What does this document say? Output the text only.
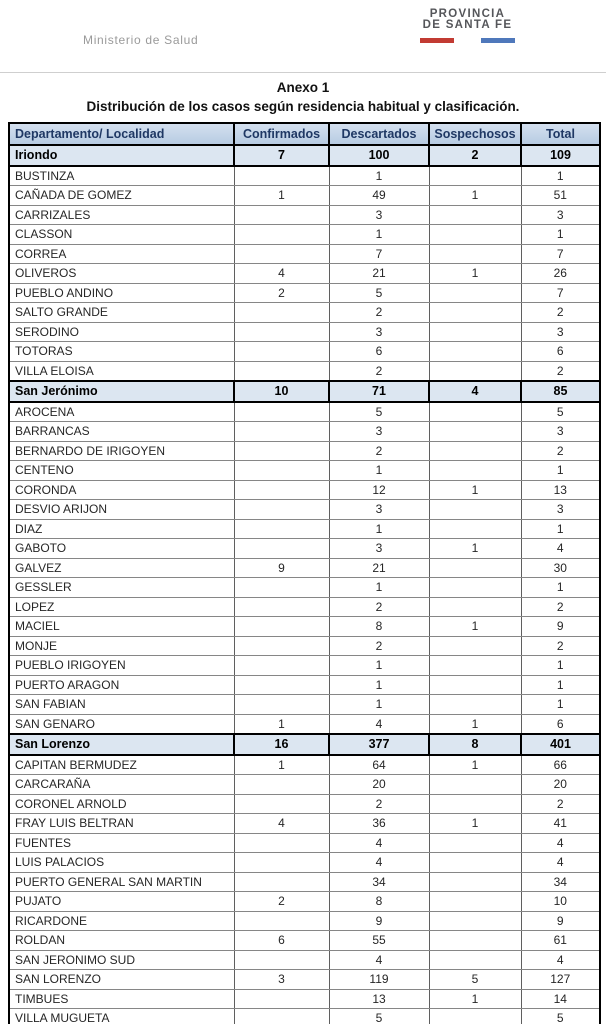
Ministerio de Salud
PROVINCIA
DE SANTA FE
Anexo 1
Distribución de los casos según residencia habitual y clasificación.
Departamento/ Localidad	Confirmados	Descartados	Sospechosos	Total
Iriondo	7	100	2	109
BUSTINZA		1		1
CAÑADA DE GOMEZ	1	49	1	51
CARRIZALES		3		3
CLASSON		1		1
CORREA		7		7
OLIVEROS	4	21	1	26
PUEBLO ANDINO	2	5		7
SALTO GRANDE		2		2
SERODINO		3		3
TOTORAS		6		6
VILLA ELOISA		2		2
San Jerónimo	10	71	4	85
AROCENA		5		5
BARRANCAS		3		3
BERNARDO DE IRIGOYEN		2		2
CENTENO		1		1
CORONDA		12	1	13
DESVIO ARIJON		3		3
DIAZ		1		1
GABOTO		3	1	4
GALVEZ	9	21		30
GESSLER		1		1
LOPEZ		2		2
MACIEL		8	1	9
MONJE		2		2
PUEBLO IRIGOYEN		1		1
PUERTO ARAGON		1		1
SAN FABIAN		1		1
SAN GENARO	1	4	1	6
San Lorenzo	16	377	8	401
CAPITAN BERMUDEZ	1	64	1	66
CARCARAÑA		20		20
CORONEL ARNOLD		2		2
FRAY LUIS BELTRAN	4	36	1	41
FUENTES		4		4
LUIS PALACIOS		4		4
PUERTO GENERAL SAN MARTIN		34		34
PUJATO	2	8		10
RICARDONE		9		9
ROLDAN	6	55		61
SAN JERONIMO SUD		4		4
SAN LORENZO	3	119	5	127
TIMBUES		13	1	14
VILLA MUGUETA		5		5
